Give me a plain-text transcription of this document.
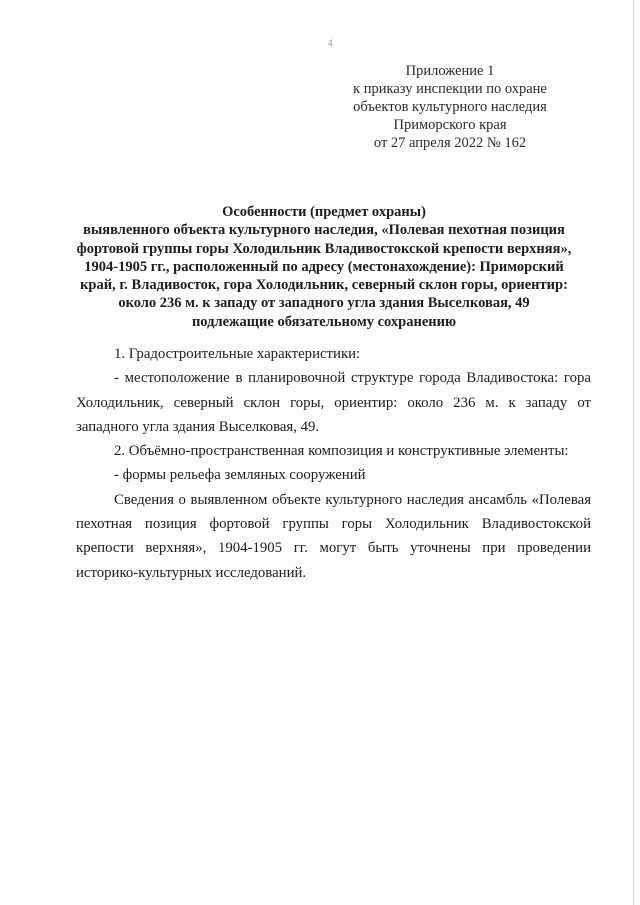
4
Приложение 1
к приказу инспекции по охране
объектов культурного наследия
Приморского края
от 27 апреля 2022 № 162
Особенности (предмет охраны)
выявленного объекта культурного наследия, «Полевая пехотная позиция
фортовой группы горы Холодильник Владивостокской крепости верхняя»,
1904-1905 гг., расположенный по адресу (местонахождение): Приморский
край, г. Владивосток, гора Холодильник, северный склон горы, ориентир:
около 236 м. к западу от западного угла здания Выселковая, 49
подлежащие обязательному сохранению

1. Градостроительные характеристики:

- местоположение в планировочной структуре города Владивостока: гора Холодильник, северный склон горы, ориентир: около 236 м. к западу от западного угла здания Выселковая, 49.

2. Объёмно-пространственная композиция и конструктивные элементы:

- формы рельефа земляных сооружений

Сведения о выявленном объекте культурного наследия ансамбль «Полевая пехотная позиция фортовой группы горы Холодильник Владивостокской крепости верхняя», 1904-1905 гг. могут быть уточнены при проведении историко-культурных исследований.
